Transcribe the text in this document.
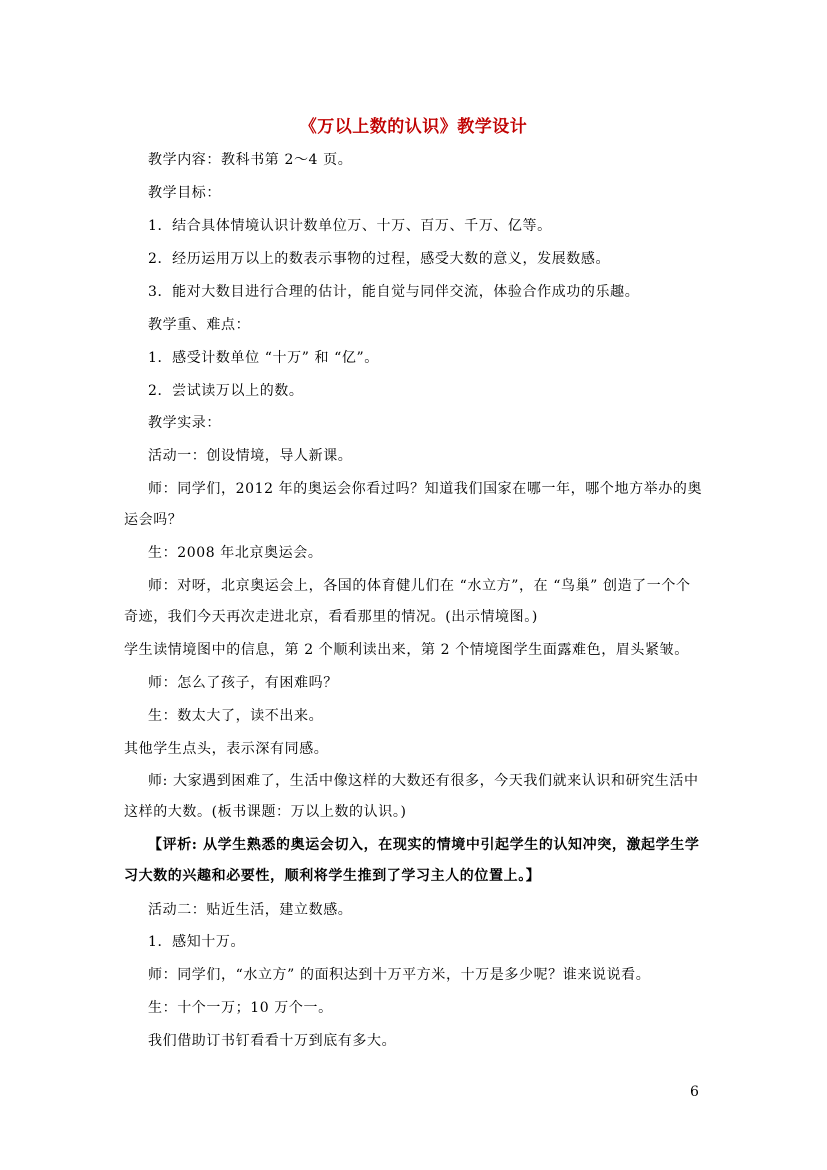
《万以上数的认识》教学设计
教学内容：教科书第 2～4 页。
教学目标：
1．结合具体情境认识计数单位万、十万、百万、千万、亿等。
2．经历运用万以上的数表示事物的过程，感受大数的意义，发展数感。
3．能对大数目进行合理的估计，能自觉与同伴交流，体验合作成功的乐趣。
教学重、难点：
1．感受计数单位 “十万” 和 “亿”。
2．尝试读万以上的数。
教学实录：
活动一：创设情境，导人新课。
师：同学们，2012 年的奥运会你看过吗？知道我们国家在哪一年，哪个地方举办的奥
运会吗？
生：2008 年北京奥运会。
师：对呀，北京奥运会上，各国的体育健儿们在 “水立方”，在 “鸟巢” 创造了一个个
奇迹，我们今天再次走进北京，看看那里的情况。(出示情境图。)
学生读情境图中的信息，第 2 个顺利读出来，第 2 个情境图学生面露难色，眉头紧皱。
师：怎么了孩子，有困难吗？
生：数太大了，读不出来。
其他学生点头，表示深有同感。
师: 大家遇到困难了，生活中像这样的大数还有很多，今天我们就来认识和研究生活中
这样的大数。(板书课题：万以上数的认识。)
【评析: 从学生熟悉的奥运会切入，在现实的情境中引起学生的认知冲突，激起学生学
习大数的兴趣和必要性，顺利将学生推到了学习主人的位置上。】
活动二：贴近生活，建立数感。
1．感知十万。
师：同学们，“水立方” 的面积达到十万平方米，十万是多少呢？谁来说说看。
生：十个一万；10 万个一。
我们借助订书钉看看十万到底有多大。
6
